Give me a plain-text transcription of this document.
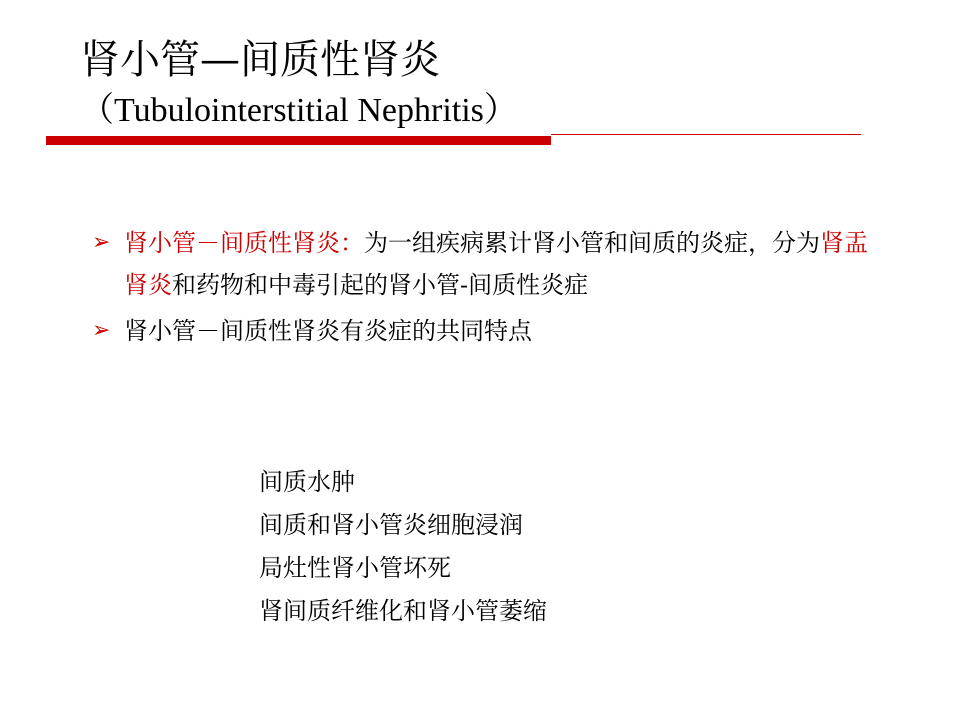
肾小管—间质性肾炎
（Tubulointerstitial Nephritis）
➢ 肾小管－间质性肾炎：为一组疾病累计肾小管和间质的炎症，分为肾盂肾炎和药物和中毒引起的肾小管-间质性炎症
➢ 肾小管－间质性肾炎有炎症的共同特点
间质水肿
间质和肾小管炎细胞浸润
局灶性肾小管坏死
肾间质纤维化和肾小管萎缩
